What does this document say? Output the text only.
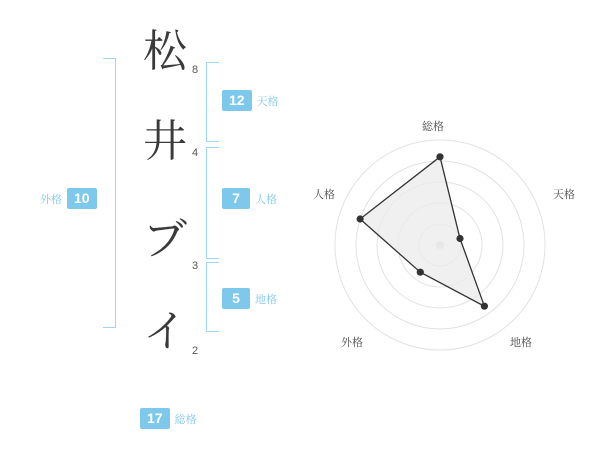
外格 10
松 8
井 4
ブ
3
イ 2
12	天格
7	人格
5	地格
17	総格
総格
天格
地格
外格
人格
